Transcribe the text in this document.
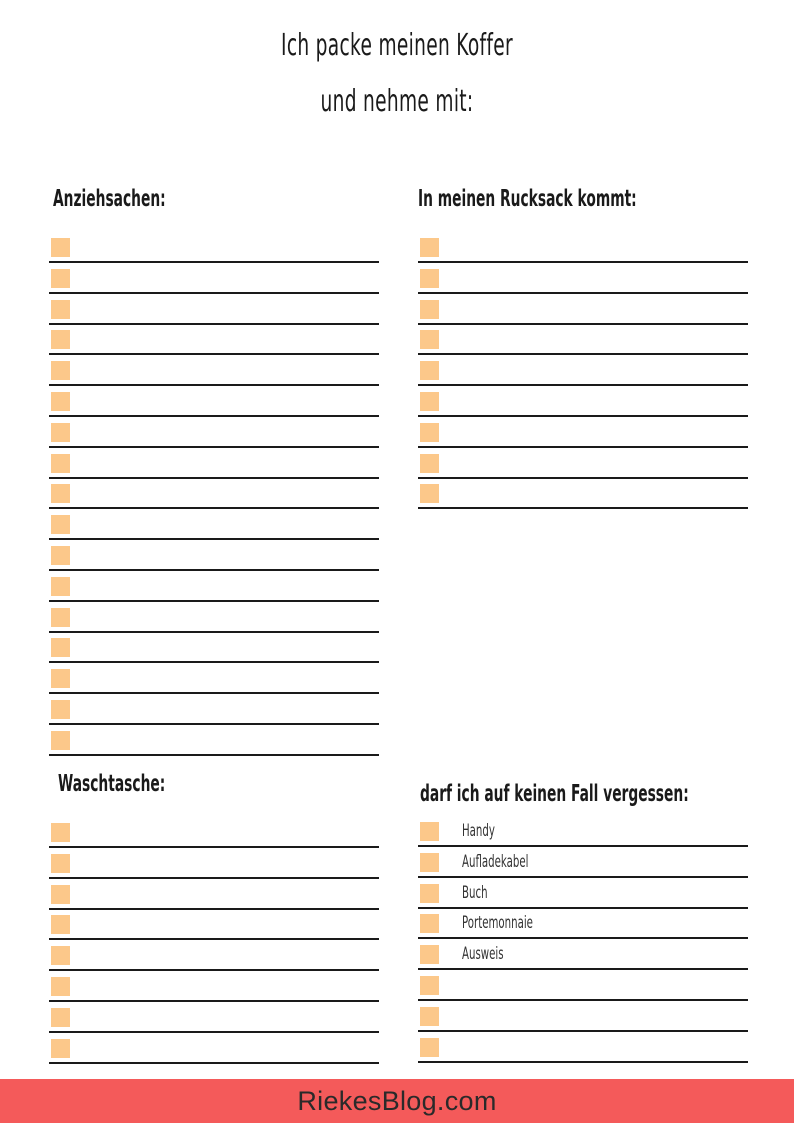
Ich packe meinen Koffer
und nehme mit:
Anziehsachen:	In meinen Rucksack kommt:
Waschtasche:	darf ich auf keinen Fall vergessen:
Handy
Aufladekabel
Buch
Portemonnaie
Ausweis
RiekesBlog.com
